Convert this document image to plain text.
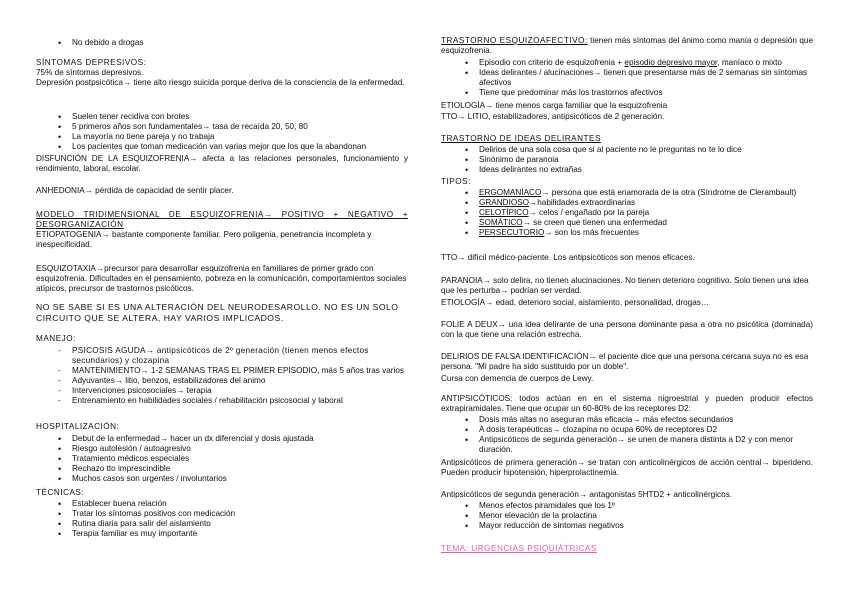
• No debido a drogas

SÍNTOMAS DEPRESIVOS:

75% de síntomas depresivos.

Depresión postpsicótica→ tiene alto riesgo suicida porque deriva de la consciencia de la enfermedad.

• Suelen tener recidiva con brotes
• 5 primeros años son fundamentales→ tasa de recaída 20, 50, 80
• La mayoría no tiene pareja y no trabaja
• Los pacientes que toman medicación van varias mejor que los que la abandonan

DISFUNCIÓN DE LA ESQUIZOFRENIA→ afecta a las relaciones personales, funcionamiento y rendimiento, laboral, escolar.

ANHEDONIA→ pérdida de capacidad de sentir placer.

MODELO TRIDIMENSIONAL DE ESQUIZOFRENIA→ POSITIVO + NEGATIVO + DESORGANIZACIÓN

ETIOPATOGENIA→ bastante componente familiar. Pero poligenia, penetrancia incompleta y inespecificidad.

ESQUIZOTAXIA→precursor para desarrollar esquizofrenia en familiares de primer grado con esquizofrenia. Dificultades en el pensamiento, pobreza en la comunicación, comportamientos sociales atípicos, precursor de trastornos psicóticos.

NO SE SABE SI ES UNA ALTERACIÓN DEL NEURODESAROLLO. NO ES UN SOLO CIRCUITO QUE SE ALTERA, HAY VARIOS IMPLICADOS.

MANEJO:

- PSICOSIS AGUDA→ antipsicóticos de 2º generación (tienen menos efectos secundarios) y clozapina
- MANTENIMIENTO→ 1-2 SEMANAS TRAS EL PRIMER EPISODIO, más 5 años tras varios
- Adyuvantes→ litio, benzos, estabilizadores del animo
- Intervenciones psicosociales→ terapia
- Entrenamiento en habilidades sociales / rehabilitación psicosocial y laboral

HOSPITALIZACIÓN:

• Debut de la enfermedad→ hacer un dx diferencial y dosis ajustada
• Riesgo autolesión / autoagresivo
• Tratamiento médicos especiales
• Rechazo tto imprescindible
• Muchos casos son urgentes / involuntarios

TÉCNICAS:

• Establecer buena relación
• Tratar los síntomas positivos con medicación
• Rutina diaria para salir del aislamiento
• Terapia familiar es muy importante

TRASTORNO ESQUIZOAFECTIVO: tienen más síntomas del ánimo como manía o depresión que esquizofrenia.

• Episodio con criterio de esquizofrenia + episodio depresivo mayor, maníaco o mixto
• Ideas delirantes / alucinaciones→ tienen que presentarse más de 2 semanas sin síntomas afectivos
• Tiene que predominar más los trastornos afectivos

ETIOLOGÍA→ tiene menos carga familiar que la esquizofrenia

TTO→ LITIO, estabilizadores, antipsicóticos de 2 generación.

TRASTORNO DE IDEAS DELIRANTES

• Delirios de una sola cosa que si al paciente no le preguntas no te lo dice
• Sinónimo de paranoia
• Ideas delirantes no extrañas

TIPOS:

• ERGOMANÍACO→ persona que está enamorada de la otra (Síndrome de Clerambault)
• GRANDIOSO→habilidades extraordinarias
• CELOTÍPICO→ celos / engañado por la pareja
• SOMÁTICO→ se creen que tienen una enfermedad
• PERSECUTORIO→ son los más frecuentes

TTO→ difícil médico-paciente. Los antipsicóticos son menos eficaces.

PARANOIA→ solo delira, no tienen alucinaciones. No tienen deterioro cognitivo. Solo tienen una idea que les perturba→ podrían ser verdad.

ETIOLOGÍA→ edad, deterioro social, aislamiento, personalidad, drogas…

FOLIE A DEUX→ una idea delirante de una persona dominante pasa a otra no psicótica (dominada) con la que tiene una relación estrecha.

DELIRIOS DE FALSA IDENTIFICACIÓN→ el paciente dice que una persona cercana suya no es esa persona. "Mi padre ha sido sustituido por un doble".

Cursa con demencia de cuerpos de Lewy.

ANTIPSICÓTICOS: todos actúan en en el sistema nigroestrial y pueden producir efectos extrapiramidales. Tiene que ocupar un 60-80% de los receptores D2:

• Dosis más altas no aseguran más eficacia→ más efectos secundarios
• A dosis terapéuticas→ clozapina no ocupa 60% de receptores D2
• Antipsicóticos de segunda generación→ se unen de manera distinta a D2 y con menor duración.

Antipsicóticos de primera generación→ se tratan con anticolinérgicos de acción central→ biperideno. Pueden producir hipotensión, hiperprolactinemia.

Antipsicóticos de segunda generación→ antagonistas 5HTD2 + anticolinérgicos.

• Menos efectos piramidales que los 1º
• Menor elevación de la prolactina
• Mayor reducción de síntomas negativos

TEMA: URGENCIAS PSIQUIÁTRICAS
